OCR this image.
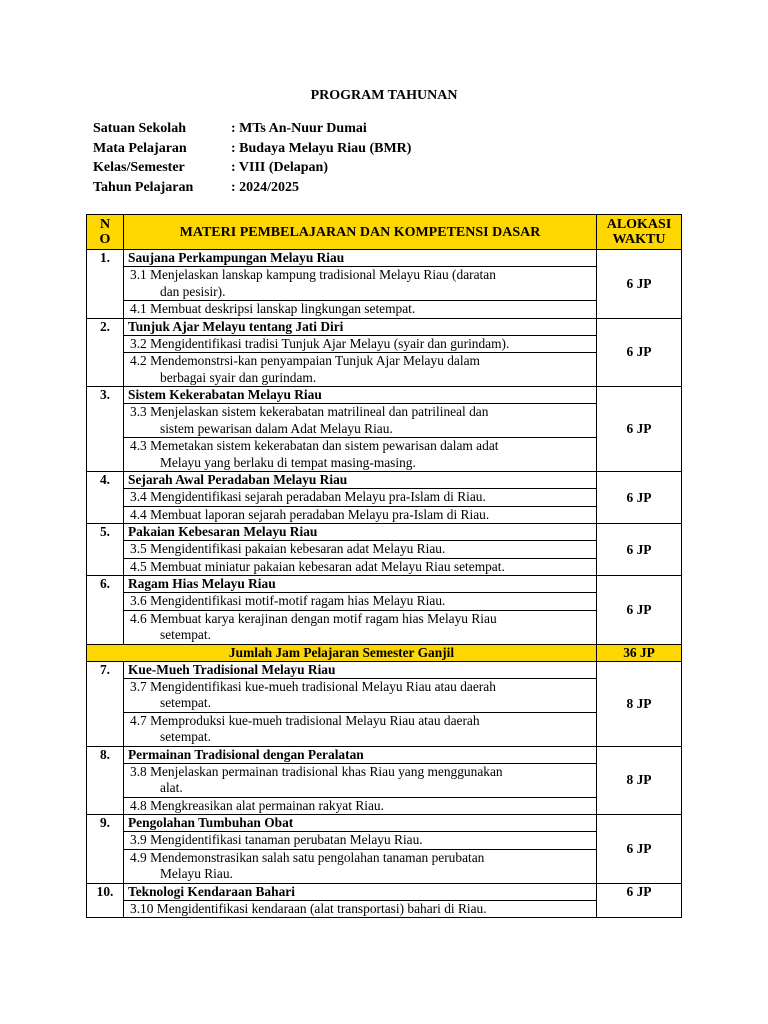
PROGRAM TAHUNAN
Satuan Sekolah	: MTs An-Nuur Dumai
Mata Pelajaran	: Budaya Melayu Riau (BMR)
Kelas/Semester	: VIII (Delapan)
Tahun Pelajaran	: 2024/2025
N
O	MATERI PEMBELAJARAN DAN KOMPETENSI DASAR	ALOKASI
WAKTU
1.	Saujana Perkampungan Melayu Riau	6 JP
	3.1 Menjelaskan lanskap kampung tradisional Melayu Riau (daratan
dan pesisir).	

	4.1 Membuat deskripsi lanskap lingkungan setempat.	
2.	Tunjuk Ajar Melayu tentang Jati Diri	6 JP
	3.2 Mengidentifikasi tradisi Tunjuk Ajar Melayu (syair dan gurindam).	
	4.2 Mendemonstrsi-kan penyampaian Tunjuk Ajar Melayu dalam
berbagai syair dan gurindam.	

3.	Sistem Kekerabatan Melayu Riau	6 JP
	3.3 Menjelaskan sistem kekerabatan matrilineal dan patrilineal dan
sistem pewarisan dalam Adat Melayu Riau.	

	4.3 Memetakan sistem kekerabatan dan sistem pewarisan dalam adat
Melayu yang berlaku di tempat masing-masing.	

4.	Sejarah Awal Peradaban Melayu Riau	6 JP
	3.4 Mengidentifikasi sejarah peradaban Melayu pra-Islam di Riau.	
	4.4 Membuat laporan sejarah peradaban Melayu pra-Islam di Riau.	
5.	Pakaian Kebesaran Melayu Riau	6 JP
	3.5 Mengidentifikasi pakaian kebesaran adat Melayu Riau.	
	4.5 Membuat miniatur pakaian kebesaran adat Melayu Riau setempat.	
6.	Ragam Hias Melayu Riau	6 JP
	3.6 Mengidentifikasi motif-motif ragam hias Melayu Riau.	
	4.6 Membuat karya kerajinan dengan motif ragam hias Melayu Riau
setempat.	

Jumlah Jam Pelajaran Semester Ganjil		36 JP
7.	Kue-Mueh Tradisional Melayu Riau	8 JP
	3.7 Mengidentifikasi kue-mueh tradisional Melayu Riau atau daerah
setempat.	

	4.7 Memproduksi kue-mueh tradisional Melayu Riau atau daerah
setempat.	

8.	Permainan Tradisional dengan Peralatan	8 JP
	3.8 Menjelaskan permainan tradisional khas Riau yang menggunakan
alat.	

	4.8 Mengkreasikan alat permainan rakyat Riau.	
9.	Pengolahan Tumbuhan Obat	6 JP
	3.9 Mengidentifikasi tanaman perubatan Melayu Riau.	
	4.9 Mendemonstrasikan salah satu pengolahan tanaman perubatan
Melayu Riau.	

10.	Teknologi Kendaraan Bahari	6 JP
	3.10 Mengidentifikasi kendaraan (alat transportasi) bahari di Riau.	
